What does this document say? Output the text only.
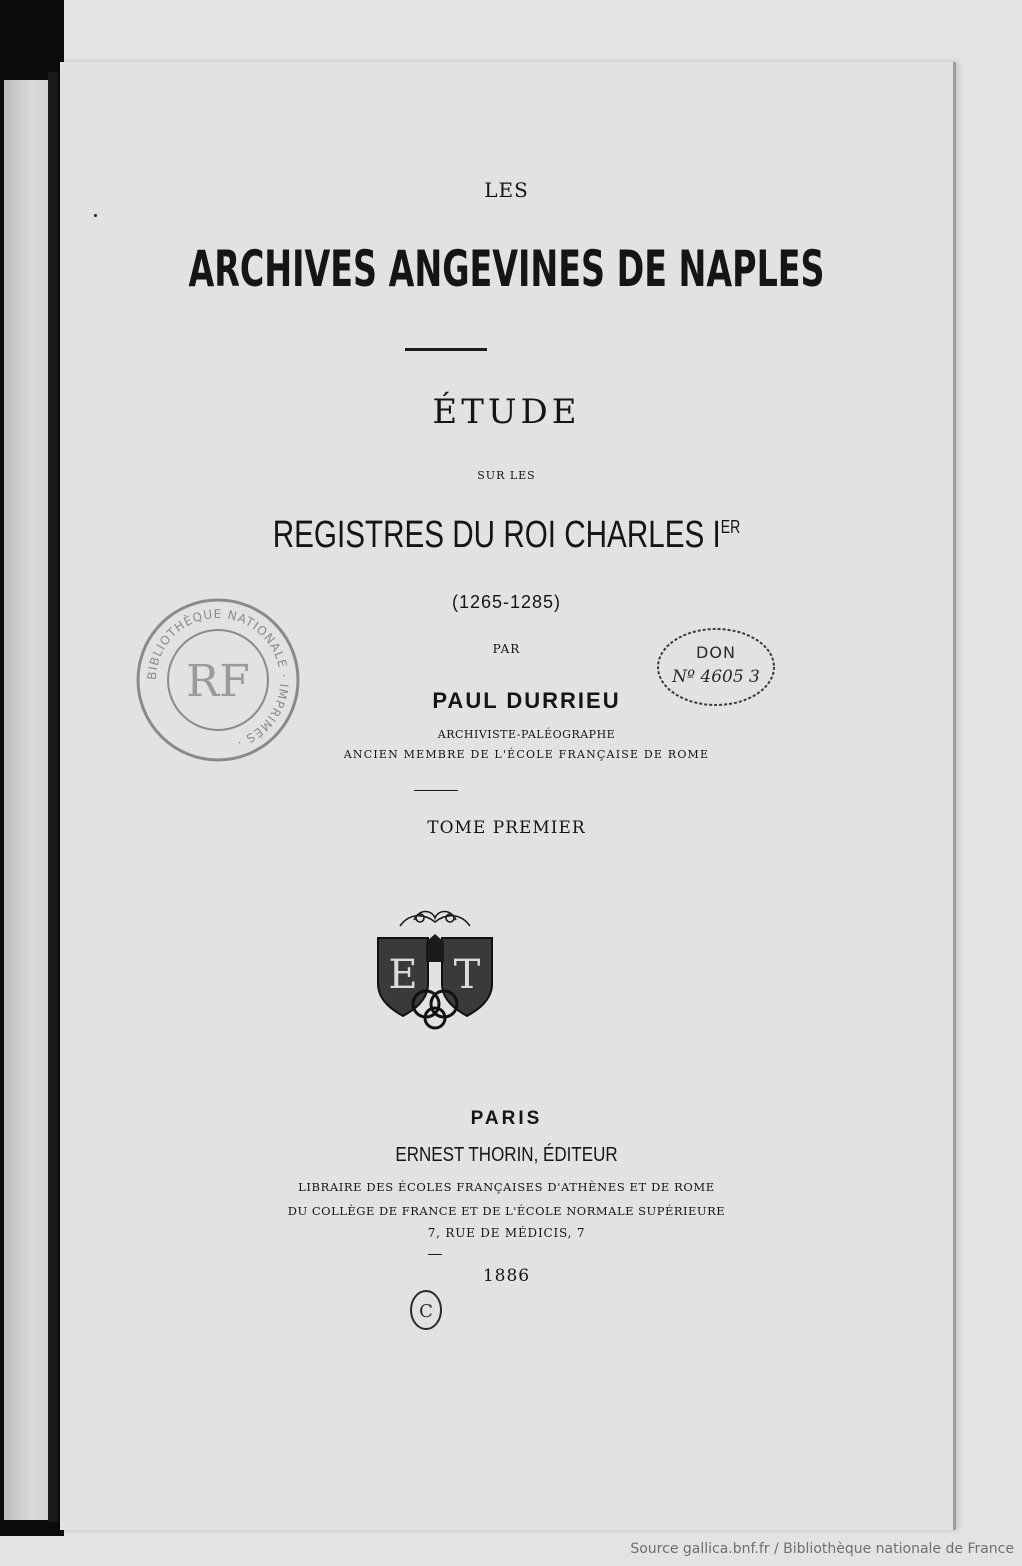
LES
ARCHIVES ANGEVINES DE NAPLES
ÉTUDE
SUR LES
REGISTRES DU ROI CHARLES IER
(1265-1285)
PAR
PAUL DURRIEU
ARCHIVISTE-PALÉOGRAPHE
ANCIEN MEMBRE DE L'ÉCOLE FRANÇAISE DE ROME
TOME PREMIER
E T
PARIS
ERNEST THORIN, ÉDITEUR
LIBRAIRE DES ÉCOLES FRANÇAISES D'ATHÈNES ET DE ROME
DU COLLÈGE DE FRANCE ET DE L'ÉCOLE NORMALE SUPÉRIEURE
7, RUE DE MÉDICIS, 7
1886
BIBLIOTHÈQUE NATIONALE · IMPRIMÉS ·
RF
DON
Nº 4605 3
C
Source gallica.bnf.fr / Bibliothèque nationale de France
